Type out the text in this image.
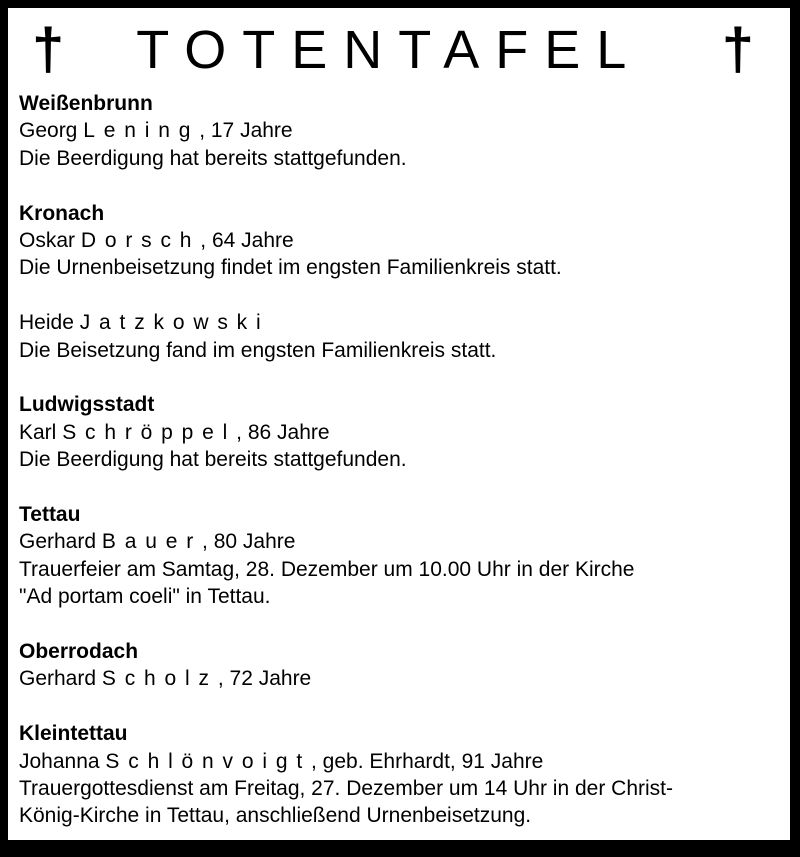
† TOTENTAFEL †
Weißenbrunn
Georg Lening, 17 Jahre
Die Beerdigung hat bereits stattgefunden.
Kronach
Oskar Dorsch, 64 Jahre
Die Urnenbeisetzung findet im engsten Familienkreis statt.
Heide Jatzkowski
Die Beisetzung fand im engsten Familienkreis statt.
Ludwigsstadt
Karl Schröppel, 86 Jahre
Die Beerdigung hat bereits stattgefunden.
Tettau
Gerhard Bauer, 80 Jahre
Trauerfeier am Samtag, 28. Dezember um 10.00 Uhr in der Kirche
"Ad portam coeli" in Tettau.
Oberrodach
Gerhard Scholz, 72 Jahre
Kleintettau
Johanna Schlönvoigt, geb. Ehrhardt, 91 Jahre
Trauergottesdienst am Freitag, 27. Dezember um 14 Uhr in der Christ-
König-Kirche in Tettau, anschließend Urnenbeisetzung.
